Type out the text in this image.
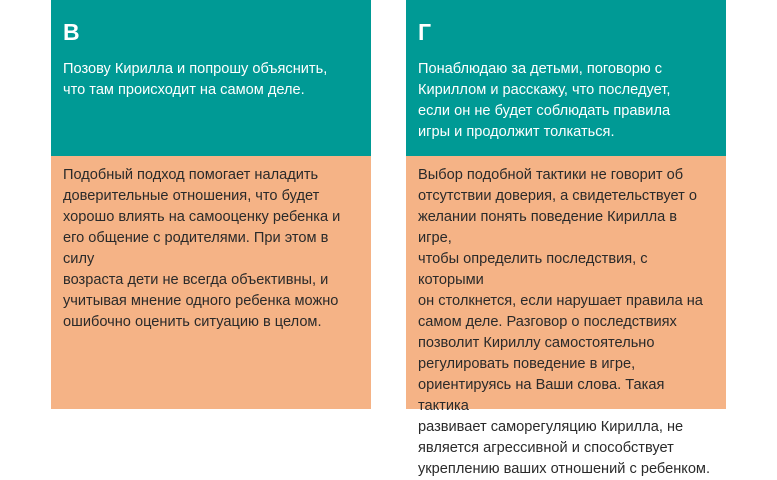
В

Позову Кирилла и попрошу объяснить,
что там происходит на самом деле.

Подобный подход помогает наладить
доверительные отношения, что будет
хорошо влиять на самооценку ребенка и
его общение с родителями. При этом в силу
возраста дети не всегда объективны, и
учитывая мнение одного ребенка можно
ошибочно оценить ситуацию в целом.

Г

Понаблюдаю за детьми, поговорю с
Кириллом и расскажу, что последует,
если он не будет соблюдать правила
игры и продолжит толкаться.

Выбор подобной тактики не говорит об
отсутствии доверия, а свидетельствует о
желании понять поведение Кирилла в игре,
чтобы определить последствия, с которыми
он столкнется, если нарушает правила на
самом деле. Разговор о последствиях
позволит Кириллу самостоятельно
регулировать поведение в игре,
ориентируясь на Ваши слова. Такая тактика
развивает саморегуляцию Кирилла, не
является агрессивной и способствует
укреплению ваших отношений с ребенком.
